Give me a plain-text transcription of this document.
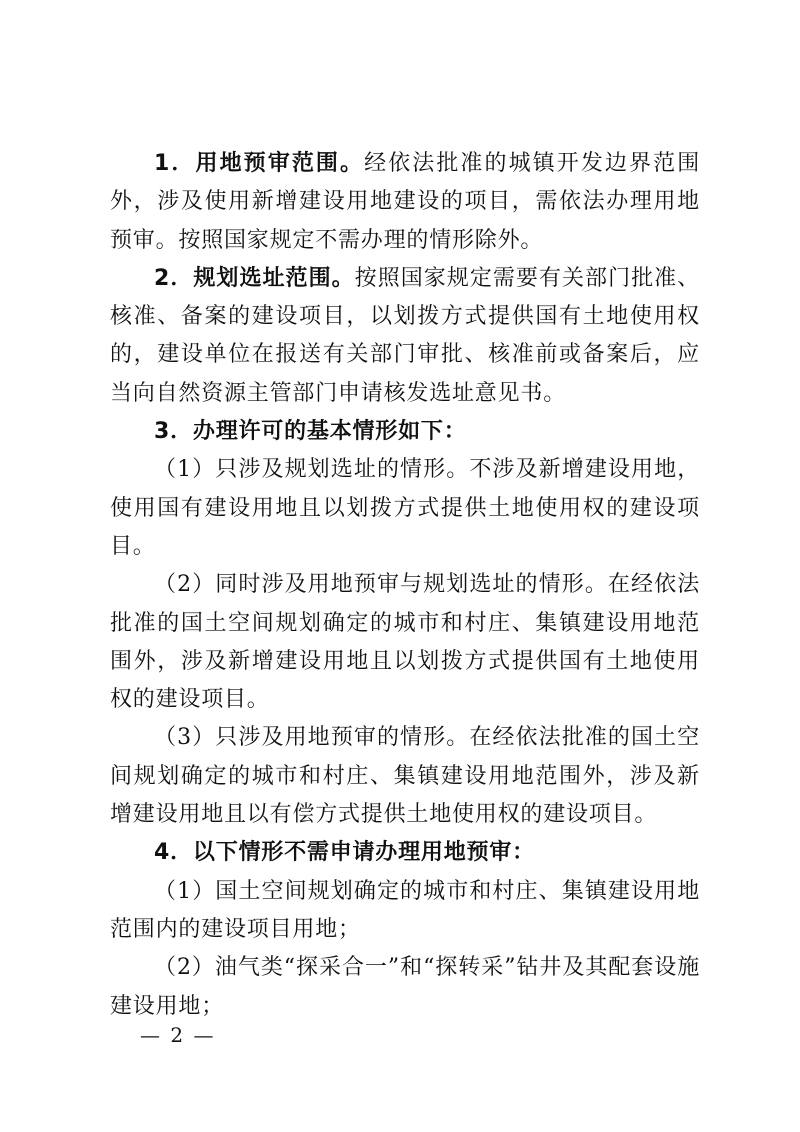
1．用地预审范围。经依法批准的城镇开发边界范围外，涉及使用新增建设用地建设的项目，需依法办理用地预审。按照国家规定不需办理的情形除外。

2．规划选址范围。按照国家规定需要有关部门批准、核准、备案的建设项目，以划拨方式提供国有土地使用权的，建设单位在报送有关部门审批、核准前或备案后，应当向自然资源主管部门申请核发选址意见书。

3．办理许可的基本情形如下：

（1）只涉及规划选址的情形。不涉及新增建设用地，使用国有建设用地且以划拨方式提供土地使用权的建设项目。

（2）同时涉及用地预审与规划选址的情形。在经依法批准的国土空间规划确定的城市和村庄、集镇建设用地范围外，涉及新增建设用地且以划拨方式提供国有土地使用权的建设项目。

（3）只涉及用地预审的情形。在经依法批准的国土空间规划确定的城市和村庄、集镇建设用地范围外，涉及新增建设用地且以有偿方式提供土地使用权的建设项目。

4．以下情形不需申请办理用地预审：

（1）国土空间规划确定的城市和村庄、集镇建设用地范围内的建设项目用地；

（2）油气类“探采合一”和“探转采”钻井及其配套设施建设用地；

— 2 —
